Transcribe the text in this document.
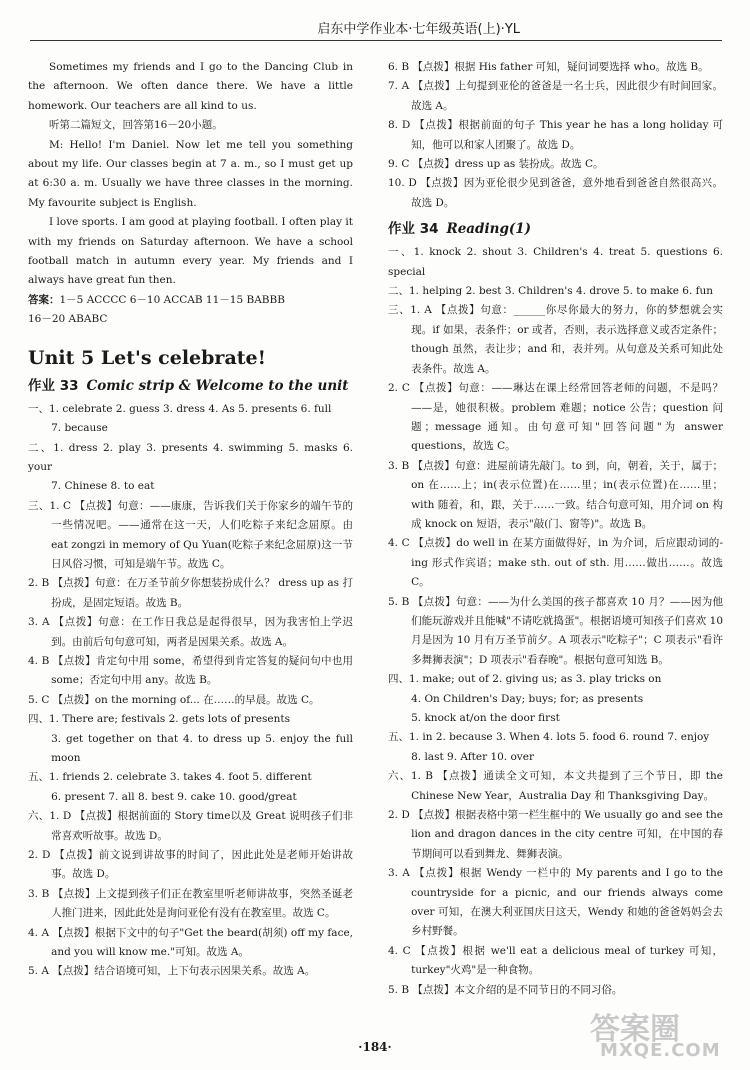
启东中学作业本·七年级英语(上)·YL

Sometimes my friends and I go to the Dancing Club in the afternoon. We often dance there. We have a little homework. Our teachers are all kind to us.

听第二篇短文，回答第16－20小题。

M: Hello! I'm Daniel. Now let me tell you something about my life. Our classes begin at 7 a. m., so I must get up at 6:30 a. m. Usually we have three classes in the morning. My favourite subject is English.

I love sports. I am good at playing football. I often play it with my friends on Saturday afternoon. We have a school football match in autumn every year. My friends and I always have great fun then.

答案：1－5 ACCCC 6－10 ACCAB 11－15 BABBB

16－20 ABABC

Unit 5 Let's celebrate!
作业 33 Comic strip & Welcome to the unit

一、1. celebrate 2. guess 3. dress 4. As 5. presents 6. full

7. because

二、1. dress 2. play 3. presents 4. swimming 5. masks 6. your

7. Chinese 8. to eat

三、1. C 【点拨】句意：——康康，告诉我们关于你家乡的端午节的一些情况吧。——通常在这一天，人们吃粽子来纪念屈原。由 eat zongzi in memory of Qu Yuan(吃粽子来纪念屈原)这一节日风俗习惯，可知是端午节。故选 C。

2. B 【点拨】句意：在万圣节前夕你想装扮成什么？ dress up as 打扮成，是固定短语。故选 B。

3. A 【点拨】句意：在工作日我总是起得很早，因为我害怕上学迟到。由前后句句意可知，两者是因果关系。故选 A。

4. B 【点拨】肯定句中用 some，希望得到肯定答复的疑问句中也用 some；否定句中用 any。故选 B。

5. C 【点拨】on the morning of... 在……的早晨。故选 C。

四、1. There are; festivals 2. gets lots of presents

3. get together on that 4. to dress up 5. enjoy the full moon

五、1. friends 2. celebrate 3. takes 4. foot 5. different

6. present 7. all 8. best 9. cake 10. good/great

六、1. D 【点拨】根据前面的 Story time以及 Great 说明孩子们非常喜欢听故事。故选 D。

2. D 【点拨】前文说到讲故事的时间了，因此此处是老师开始讲故事。故选 D。

3. B 【点拨】上文提到孩子们正在教室里听老师讲故事，突然圣诞老人推门进来，因此此处是询问亚伦有没有在教室里。故选 C。

4. A 【点拨】根据下文中的句子"Get the beard(胡须) off my face, and you will know me."可知。故选 A。

5. A 【点拨】结合语境可知，上下句表示因果关系。故选 A。

6. B 【点拨】根据 His father 可知，疑问词要选择 who。故选 B。

7. A 【点拨】上句提到亚伦的爸爸是一名士兵，因此很少有时间回家。故选 A。

8. D 【点拨】根据前面的句子 This year he has a long holiday 可知，他可以和家人团聚了。故选 D。

9. C 【点拨】dress up as 装扮成。故选 C。

10. D 【点拨】因为亚伦很少见到爸爸，意外地看到爸爸自然很高兴。故选 D。

作业 34 Reading(1)

一、1. knock 2. shout 3. Children's 4. treat 5. questions 6. special

二、1. helping 2. best 3. Children's 4. drove 5. to make 6. fun

三、1. A 【点拨】句意：______你尽你最大的努力，你的梦想就会实现。if 如果，表条件；or 或者，否则，表示选择意义或否定条件；though 虽然，表让步；and 和，表并列。从句意及关系可知此处表条件。故选 A。

2. C 【点拨】句意：——琳达在课上经常回答老师的问题，不是吗？——是，她很积极。problem 难题；notice 公告；question 问题；message 通知。由句意可知"回答问题"为 answer questions，故选 C。

3. B 【点拨】句意：进屋前请先敲门。to 到，向，朝着，关于，属于；on 在……上；in(表示位置)在……里；in(表示位置)在……里；with 随着，和，跟，关于……一致。结合句意可知，用介词 on 构成 knock on 短语，表示"敲(门、窗等)"。故选 B。

4. C 【点拨】do well in 在某方面做得好，in 为介词，后应跟动词的-ing 形式作宾语；make sth. out of sth. 用……做出……。故选 C。

5. B 【点拨】句意：——为什么美国的孩子都喜欢 10 月？——因为他们能玩游戏并且能喊"不请吃就捣蛋"。根据语境可知孩子们喜欢 10 月是因为 10 月有万圣节前夕。A 项表示"吃粽子"；C 项表示"看许多舞狮表演"；D 项表示"看春晚"。根据句意可知选 B。

四、1. make; out of 2. giving us; as 3. play tricks on

4. On Children's Day; buys; for; as presents

5. knock at/on the door first

五、1. in 2. because 3. When 4. lots 5. food 6. round 7. enjoy

8. last 9. After 10. over

六、1. B 【点拨】通读全文可知，本文共提到了三个节日，即 the Chinese New Year，Australia Day 和 Thanksgiving Day。

2. D 【点拨】根据表格中第一栏生框中的 We usually go and see the lion and dragon dances in the city centre 可知，在中国的春节期间可以看到舞龙、舞狮表演。

3. A 【点拨】根据 Wendy 一栏中的 My parents and I go to the countryside for a picnic, and our friends always come over 可知，在澳大利亚国庆日这天，Wendy 和她的爸爸妈妈会去乡村野餐。

4. C 【点拨】根据 we'll eat a delicious meal of turkey 可知，turkey"火鸡"是一种食物。

5. B 【点拨】本文介绍的是不同节日的不同习俗。

·184·	答案圈
MXQE.COM
